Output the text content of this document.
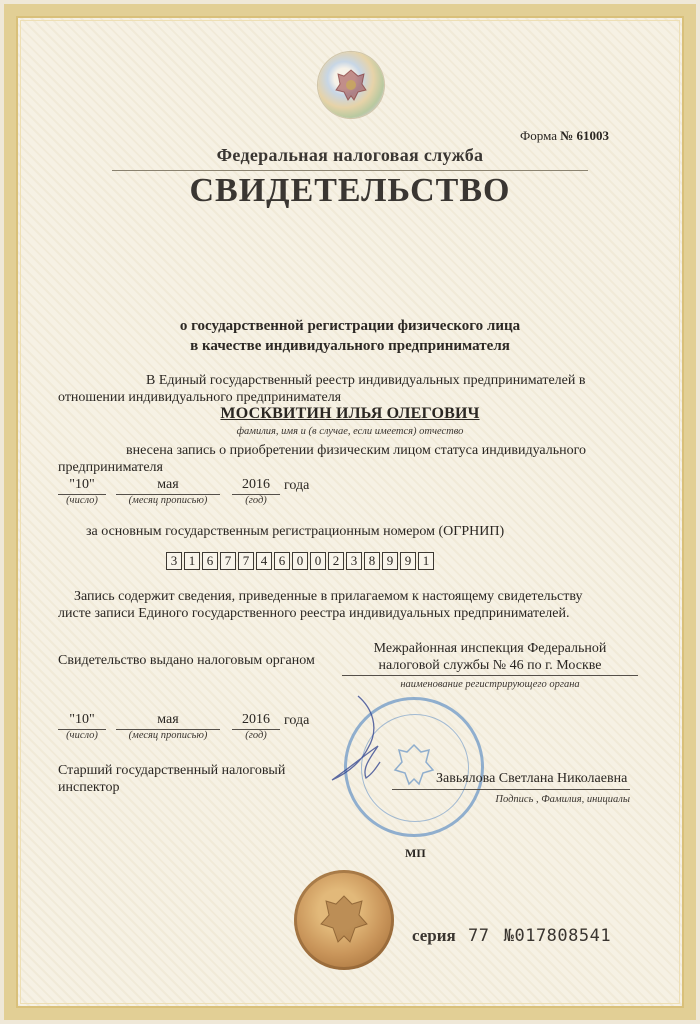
Форма № 61003
Федеральная налоговая служба
СВИДЕТЕЛЬСТВО
о государственной регистрации физического лица
в качестве индивидуального предпринимателя
В Единый государственный реестр индивидуальных предпринимателей в
отношении индивидуального предпринимателя
МОСКВИТИН ИЛЬЯ ОЛЕГОВИЧ
фамилия, имя и (в случае, если имеется) отчество
внесена запись о приобретении физическим лицом статуса индивидуального
предпринимателя
"10"	мая	2016	года
(число)	(месяц прописью)	(год)
за основным государственным регистрационным номером (ОГРНИП)
3 1 6 7 7 4 6 0 0 2 3 8 9 9 1
Запись содержит сведения, приведенные в прилагаемом к настоящему свидетельству
листе записи Единого государственного реестра индивидуальных предпринимателей.
Свидетельство выдано налоговым органом
Межрайонная инспекция Федеральной
налоговой службы № 46 по г. Москве
наименование регистрирующего органа
"10"	мая	2016	года
(число)	(месяц прописью)	(год)
Старший государственный налоговый
инспектор
Завьялова Светлана Николаевна
Подпись , Фамилия, инициалы
МП
серия 77 №017808541
